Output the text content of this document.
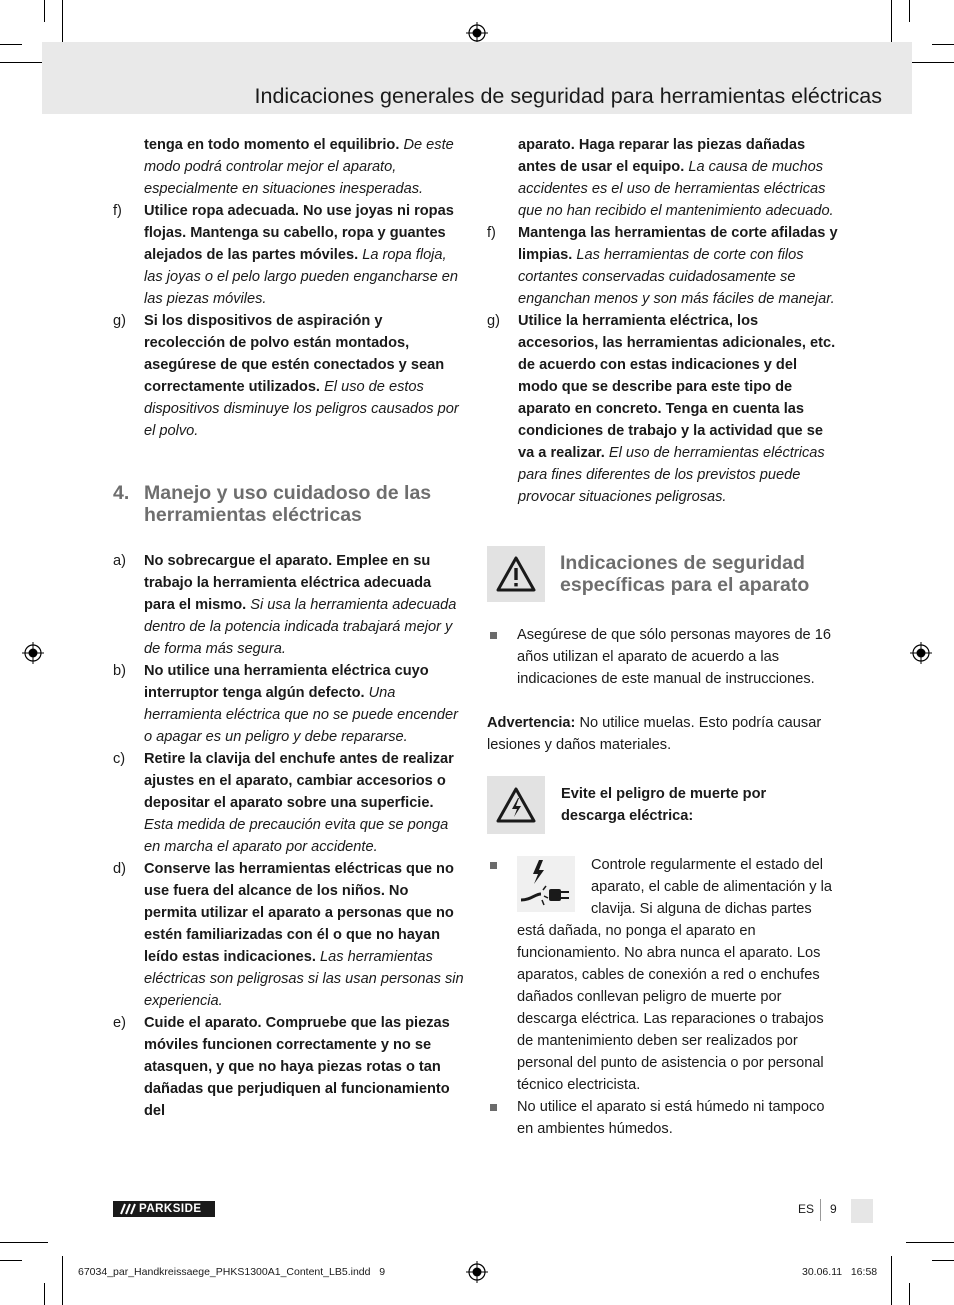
Indicaciones generales de seguridad para herramientas eléctricas
tenga en todo momento el equilibrio. De este modo podrá controlar mejor el aparato, especialmente en situaciones inesperadas.
f) Utilice ropa adecuada. No use joyas ni ropas flojas. Mantenga su cabello, ropa y guantes alejados de las partes móviles. La ropa floja, las joyas o el pelo largo pueden engancharse en las piezas móviles.
g) Si los dispositivos de aspiración y recolección de polvo están montados, asegúrese de que estén conectados y sean correctamente utilizados. El uso de estos dispositivos disminuye los peligros causados por el polvo.
4. Manejo y uso cuidadoso de las herramientas eléctricas
a) No sobrecargue el aparato. Emplee en su trabajo la herramienta eléctrica adecuada para el mismo. Si usa la herramienta adecuada dentro de la potencia indicada trabajará mejor y de forma más segura.
b) No utilice una herramienta eléctrica cuyo interruptor tenga algún defecto. Una herramienta eléctrica que no se puede encender o apagar es un peligro y debe repararse.
c) Retire la clavija del enchufe antes de realizar ajustes en el aparato, cambiar accesorios o depositar el aparato sobre una superficie. Esta medida de precaución evita que se ponga en marcha el aparato por accidente.
d) Conserve las herramientas eléctricas que no use fuera del alcance de los niños. No permita utilizar el aparato a personas que no estén familiarizadas con él o que no hayan leído estas indicaciones. Las herramientas eléctricas son peligrosas si las usan personas sin experiencia.
e) Cuide el aparato. Compruebe que las piezas móviles funcionen correctamente y no se atasquen, y que no haya piezas rotas o tan dañadas que perjudiquen al funcionamiento del
aparato. Haga reparar las piezas dañadas antes de usar el equipo. La causa de muchos accidentes es el uso de herramientas eléctricas que no han recibido el mantenimiento adecuado.
f) Mantenga las herramientas de corte afiladas y limpias. Las herramientas de corte con filos cortantes conservadas cuidadosamente se enganchan menos y son más fáciles de manejar.
g) Utilice la herramienta eléctrica, los accesorios, las herramientas adicionales, etc. de acuerdo con estas indicaciones y del modo que se describe para este tipo de aparato en concreto. Tenga en cuenta las condiciones de trabajo y la actividad que se va a realizar. El uso de herramientas eléctricas para fines diferentes de los previstos puede provocar situaciones peligrosas.
Indicaciones de seguridad específicas para el aparato
Asegúrese de que sólo personas mayores de 16 años utilizan el aparato de acuerdo a las indicaciones de este manual de instrucciones.
Advertencia: No utilice muelas. Esto podría causar lesiones y daños materiales.
Evite el peligro de muerte por descarga eléctrica:
Controle regularmente el estado del aparato, el cable de alimentación y la clavija. Si alguna de dichas partes está dañada, no ponga el aparato en funcionamiento. No abra nunca el aparato. Los aparatos, cables de conexión a red o enchufes dañados conllevan peligro de muerte por descarga eléctrica. Las reparaciones o trabajos de mantenimiento deben ser realizados por personal del punto de asistencia o por personal técnico electricista.
No utilice el aparato si está húmedo ni tampoco en ambientes húmedos.
PARKSIDE	ES 9
67034_par_Handkreissaege_PHKS1300A1_Content_LB5.indd   9	30.06.11   16:58
